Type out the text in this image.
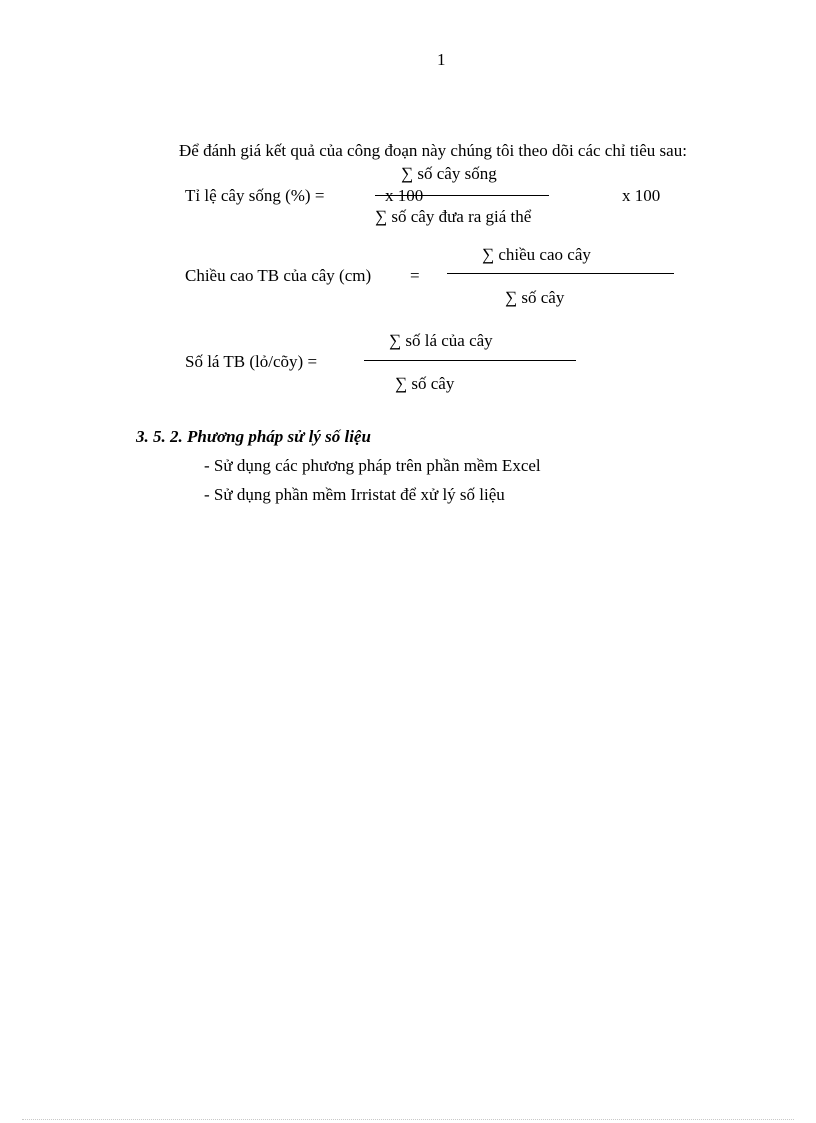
1
Để đánh giá kết quả của công đoạn này chúng tôi theo dõi các chỉ tiêu sau:
Tỉ lệ cây sống (%) =
∑ số cây sống
x 100
∑ số cây đưa ra giá thể
x 100
Chiều cao TB của cây (cm) =
∑ chiều cao cây
∑ số cây
Số lá TB (lỏ/cõy) =
∑ số lá của cây
∑ số cây
3. 5. 2. Phương pháp sử lý số liệu
- Sử dụng các phương pháp trên phần mềm Excel
- Sử dụng phần mềm Irristat để xử lý số liệu
